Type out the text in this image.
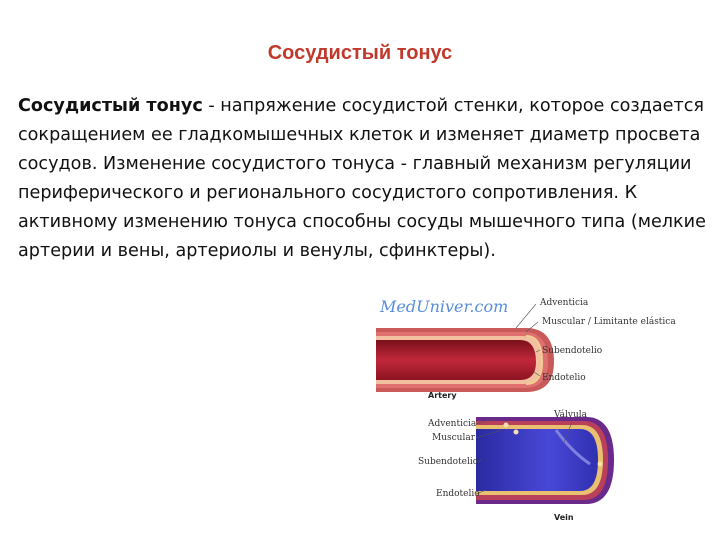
Сосудистый тонус
Сосудистый тонус - напряжение сосудистой стенки, которое создается сокращением ее гладкомышечных клеток и изменяет диаметр просвета сосудов. Изменение сосудистого тонуса - главный механизм регуляции периферического и регионального сосудистого сопротивления. К активному изменению тонуса способны сосуды мышечного типа (мелкие артерии и вены, артериолы и венулы, сфинктеры).
Adventicia
Muscular / Limitante elástica
Subendotelio
Endotelio
Artery
Válvula
Adventicia
Muscular
Subendotelio
Endotelio
Vein
MedUniver.com
